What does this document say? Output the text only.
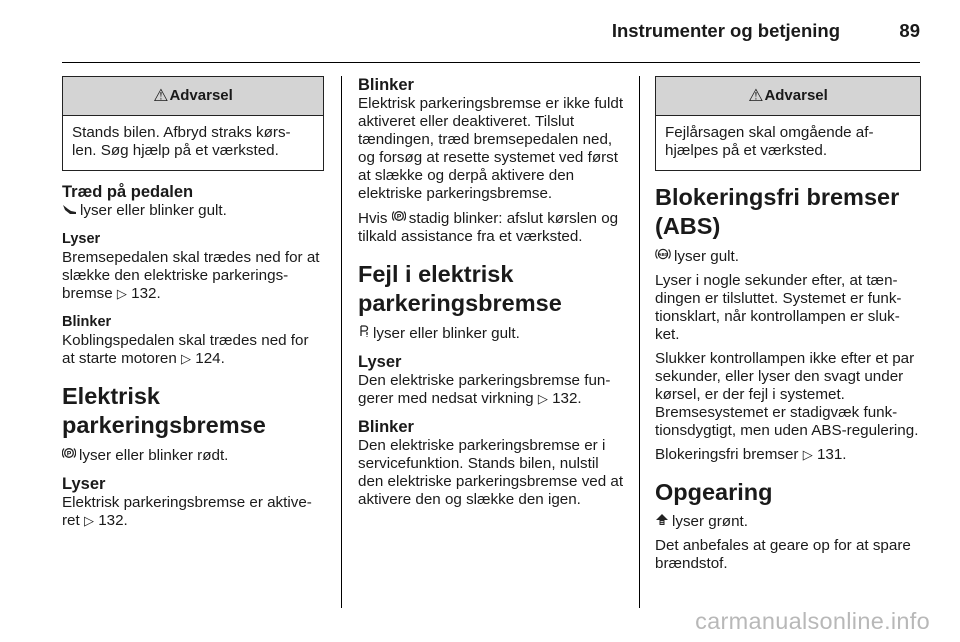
Instrumenter og betjening	89
⚠ Advarsel
Stands bilen. Afbryd straks kørs-len. Søg hjælp på et værksted.
Træd på pedalen

lyser eller blinker gult.

Lyser

Bremsepedalen skal trædes ned for at slække den elektriske parkerings-bremse ▷ 132.

Blinker

Koblingspedalen skal trædes ned for at starte motoren ▷ 124.

Elektrisk parkeringsbremse

P lyser eller blinker rødt.

Lyser

Elektrisk parkeringsbremse er aktive-ret ▷ 132.

Blinker

Elektrisk parkeringsbremse er ikke fuldt aktiveret eller deaktiveret. Tilslut tændingen, træd bremsepedalen ned, og forsøg at resette systemet ved først at slække og derpå aktivere den elektriske parkeringsbremse.

Hvis P stadig blinker: afslut kørslen og tilkald assistance fra et værksted.

Fejl i elektrisk parkeringsbremse

lyser eller blinker gult.

Lyser

Den elektriske parkeringsbremse fun-gerer med nedsat virkning ▷ 132.

Blinker

Den elektriske parkeringsbremse er i servicefunktion. Stands bilen, nulstil den elektriske parkeringsbremse ved at aktivere den og slække den igen.

⚠ Advarsel
Fejlårsagen skal omgående af-hjælpes på et værksted.
Blokeringsfri bremser (ABS)

ABS lyser gult.

Lyser i nogle sekunder efter, at tæn-dingen er tilsluttet. Systemet er funk-tionsklart, når kontrollampen er sluk-ket.

Slukker kontrollampen ikke efter et par sekunder, eller lyser den svagt under kørsel, er der fejl i systemet. Bremsesystemet er stadigvæk funk-tionsdygtigt, men uden ABS-regulering.

Blokeringsfri bremser ▷ 131.

Opgearing

lyser grønt.

Det anbefales at geare op for at spare brændstof.

carmanualsonline.info
